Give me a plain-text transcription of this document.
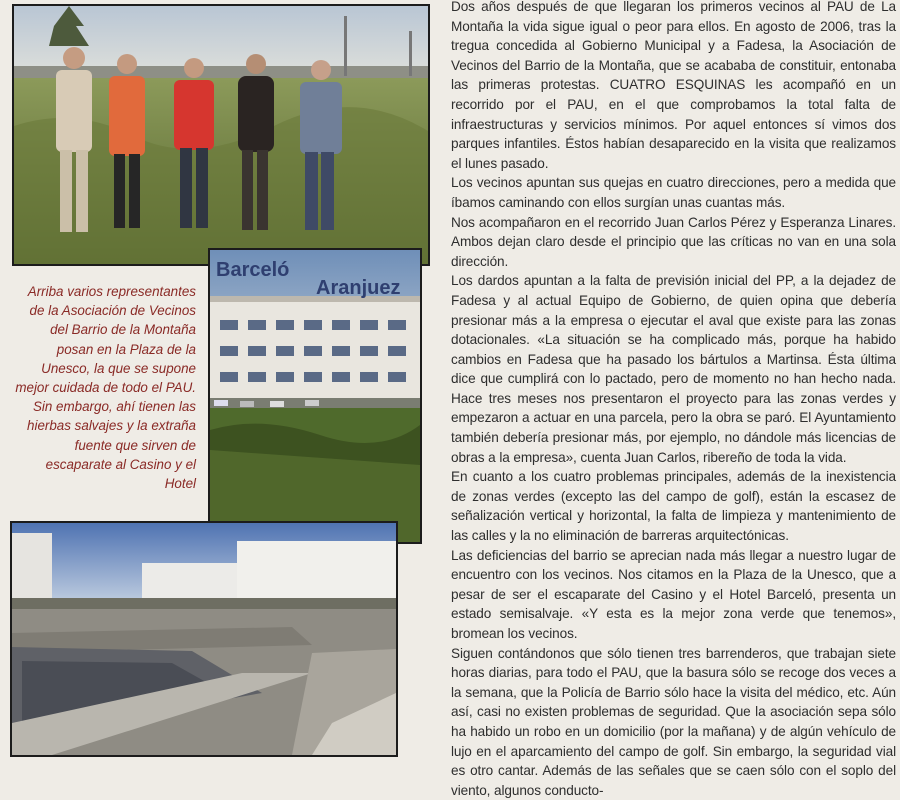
Barceló
Aranjuez

Arriba varios representantes de la Asociación de Vecinos del Barrio de la Montaña posan en la Plaza de la Unesco, la que se supone mejor cuidada de todo el PAU. Sin embargo, ahí tienen las hierbas salvajes y la extraña fuente que sirven de escaparate al Casino y el Hotel

Dos años después de que llegaran los primeros vecinos al PAU de La Montaña la vida sigue igual o peor para ellos. En agosto de 2006, tras la tregua concedida al Gobierno Municipal y a Fadesa, la Asociación de Vecinos del Barrio de la Montaña, que se acababa de constituir, entonaba las primeras protestas. CUATRO ESQUINAS les acompañó en un recorrido por el PAU, en el que comprobamos la total falta de infraestructuras y servicios mínimos. Por aquel entonces sí vimos dos parques infantiles. Éstos habían desaparecido en la visita que realizamos el lunes pasado.

Los vecinos apuntan sus quejas en cuatro direcciones, pero a medida que íbamos caminando con ellos surgían unas cuantas más.

Nos acompañaron en el recorrido Juan Carlos Pérez y Esperanza Linares. Ambos dejan claro desde el principio que las críticas no van en una sola dirección.

Los dardos apuntan a la falta de previsión inicial del PP, a la dejadez de Fadesa y al actual Equipo de Gobierno, de quien opina que debería presionar más a la empresa o ejecutar el aval que existe para las zonas dotacionales. «La situación se ha complicado más, porque ha habido cambios en Fadesa que ha pasado los bártulos a Martinsa. Ésta última dice que cumplirá con lo pactado, pero de momento no han hecho nada. Hace tres meses nos presentaron el proyecto para las zonas verdes y empezaron a actuar en una parcela, pero la obra se paró. El Ayuntamiento también debería presionar más, por ejemplo, no dándole más licencias de obras a la empresa», cuenta Juan Carlos, ribereño de toda la vida.

En cuanto a los cuatro problemas principales, además de la inexistencia de zonas verdes (excepto las del campo de golf), están la escasez de señalización vertical y horizontal, la falta de limpieza y mantenimiento de las calles y la no eliminación de barreras arquitectónicas.

Las deficiencias del barrio se aprecian nada más llegar a nuestro lugar de encuentro con los vecinos. Nos citamos en la Plaza de la Unesco, que a pesar de ser el escaparate del Casino y el Hotel Barceló, presenta un estado semisalvaje. «Y esta es la mejor zona verde que tenemos», bromean los vecinos.

Siguen contándonos que sólo tienen tres barrenderos, que trabajan siete horas diarias, para todo el PAU, que la basura sólo se recoge dos veces a la semana, que la Policía de Barrio sólo hace la visita del médico, etc. Aún así, casi no existen problemas de seguridad. Que la asociación sepa sólo ha habido un robo en un domicilio (por la mañana) y de algún vehículo de lujo en el aparcamiento del campo de golf. Sin embargo, la seguridad vial es otro cantar. Además de las señales que se caen sólo con el soplo del viento, algunos conducto-
